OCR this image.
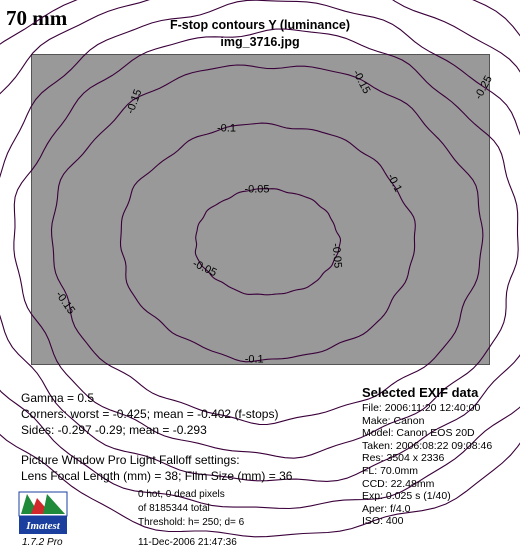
70 mm	F-stop contours Y (luminance)
img_3716.jpg
-0.05
-0.05	-0.05
-0.1
-0.1
-0.1
-0.15
-0.15
-0.15
-0.25
Gamma = 0.5
Corners: worst = -0.425; mean = -0.402 (f-stops)
Sides: -0.297 -0.29; mean = -0.293
Picture Window Pro Light Falloff settings:
Lens Focal Length (mm) = 38; Film Size (mm) = 36
0 hot, 0 dead pixels
of 8185344 total
Threshold: h= 250; d= 6
11-Dec-2006 21:47:36
Imatest
1.7.2 Pro
Selected EXIF data
File: 2006:11:20 12:40:00
Make: Canon
Model: Canon EOS 20D
Taken: 2006:08:22 09:08:46
Res: 3504 x 2336
FL: 70.0mm
CCD: 22.48mm
Exp: 0.025 s (1/40)
Aper: f/4.0
ISO: 400
